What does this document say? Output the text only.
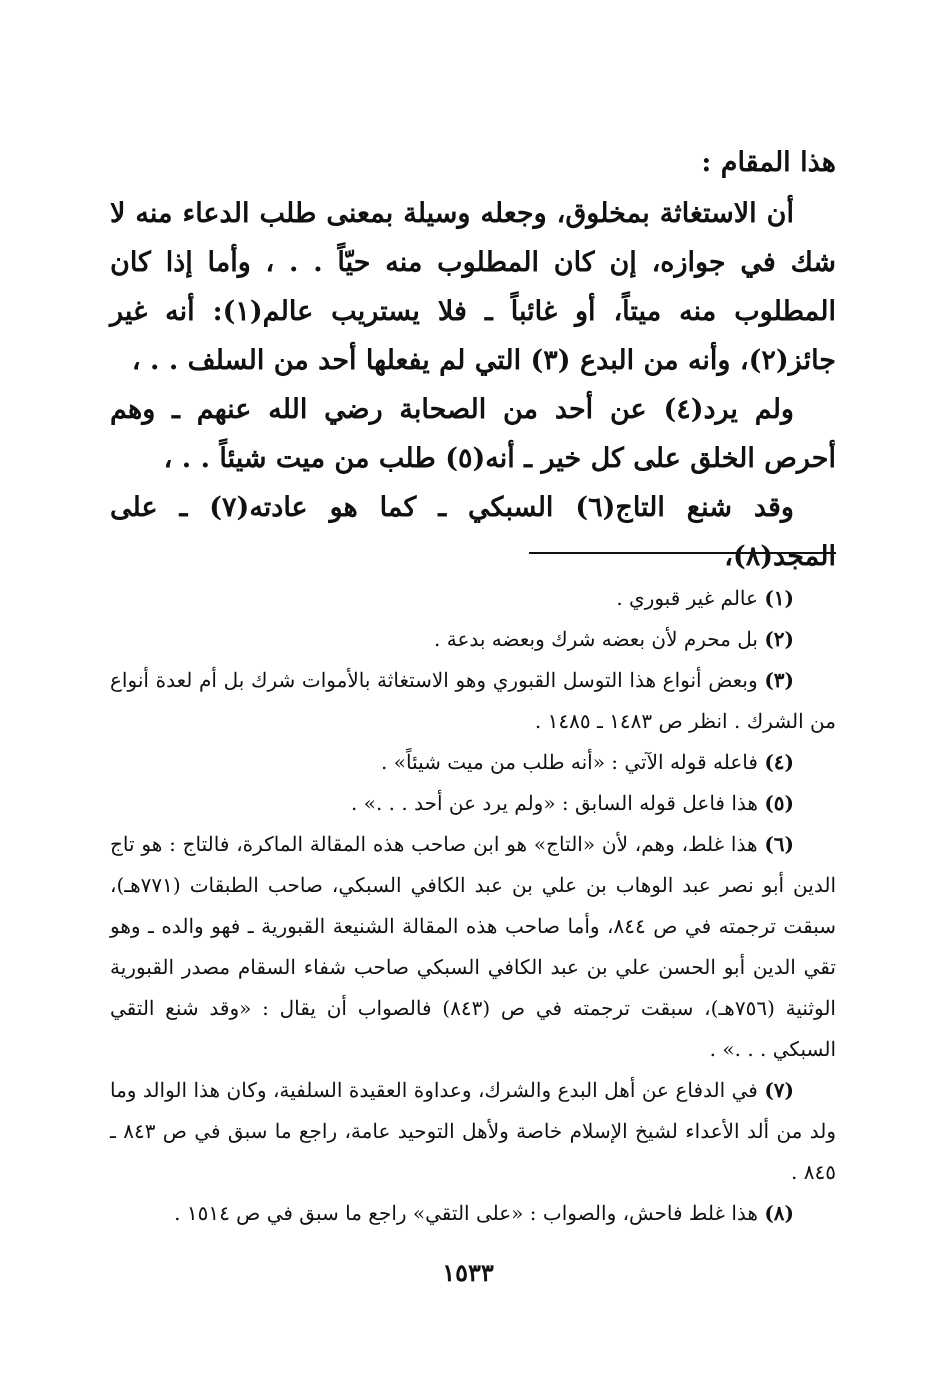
هذا المقام :

أن الاستغاثة بمخلوق، وجعله وسيلة بمعنى طلب الدعاء منه لا شك في جوازه، إن كان المطلوب منه حيّاً . . ، وأما إذا كان المطلوب منه ميتاً، أو غائباً ـ فلا يستريب عالم(١): أنه غير جائز(٢)، وأنه من البدع (٣) التي لم يفعلها أحد من السلف . . ،

ولم يرد(٤) عن أحد من الصحابة رضي الله عنهم ـ وهم أحرص الخلق على كل خير ـ أنه(٥) طلب من ميت شيئاً . . ،

وقد شنع التاج(٦) السبكي ـ كما هو عادته(٧) ـ على المجد(٨)،

(١) عالم غير قبوري .

(٢) بل محرم لأن بعضه شرك وبعضه بدعة .

(٣) وبعض أنواع هذا التوسل القبوري وهو الاستغاثة بالأموات شرك بل أم لعدة أنواع من الشرك . انظر ص ١٤٨٣ ـ ١٤٨٥ .

(٤) فاعله قوله الآتي : «أنه طلب من ميت شيئاً» .

(٥) هذا فاعل قوله السابق : «ولم يرد عن أحد . . .» .

(٦) هذا غلط، وهم، لأن «التاج» هو ابن صاحب هذه المقالة الماكرة، فالتاج : هو تاج الدين أبو نصر عبد الوهاب بن علي بن عبد الكافي السبكي، صاحب الطبقات (٧٧١هـ)، سبقت ترجمته في ص ٨٤٤، وأما صاحب هذه المقالة الشنيعة القبورية ـ فهو والده ـ وهو تقي الدين أبو الحسن علي بن عبد الكافي السبكي صاحب شفاء السقام مصدر القبورية الوثنية (٧٥٦هـ)، سبقت ترجمته في ص (٨٤٣) فالصواب أن يقال : «وقد شنع التقي السبكي . . .» .

(٧) في الدفاع عن أهل البدع والشرك، وعداوة العقيدة السلفية، وكان هذا الوالد وما ولد من ألد الأعداء لشيخ الإسلام خاصة ولأهل التوحيد عامة، راجع ما سبق في ص ٨٤٣ ـ ٨٤٥ .

(٨) هذا غلط فاحش، والصواب : «على التقي» راجع ما سبق في ص ١٥١٤ .

١٥٣٣
